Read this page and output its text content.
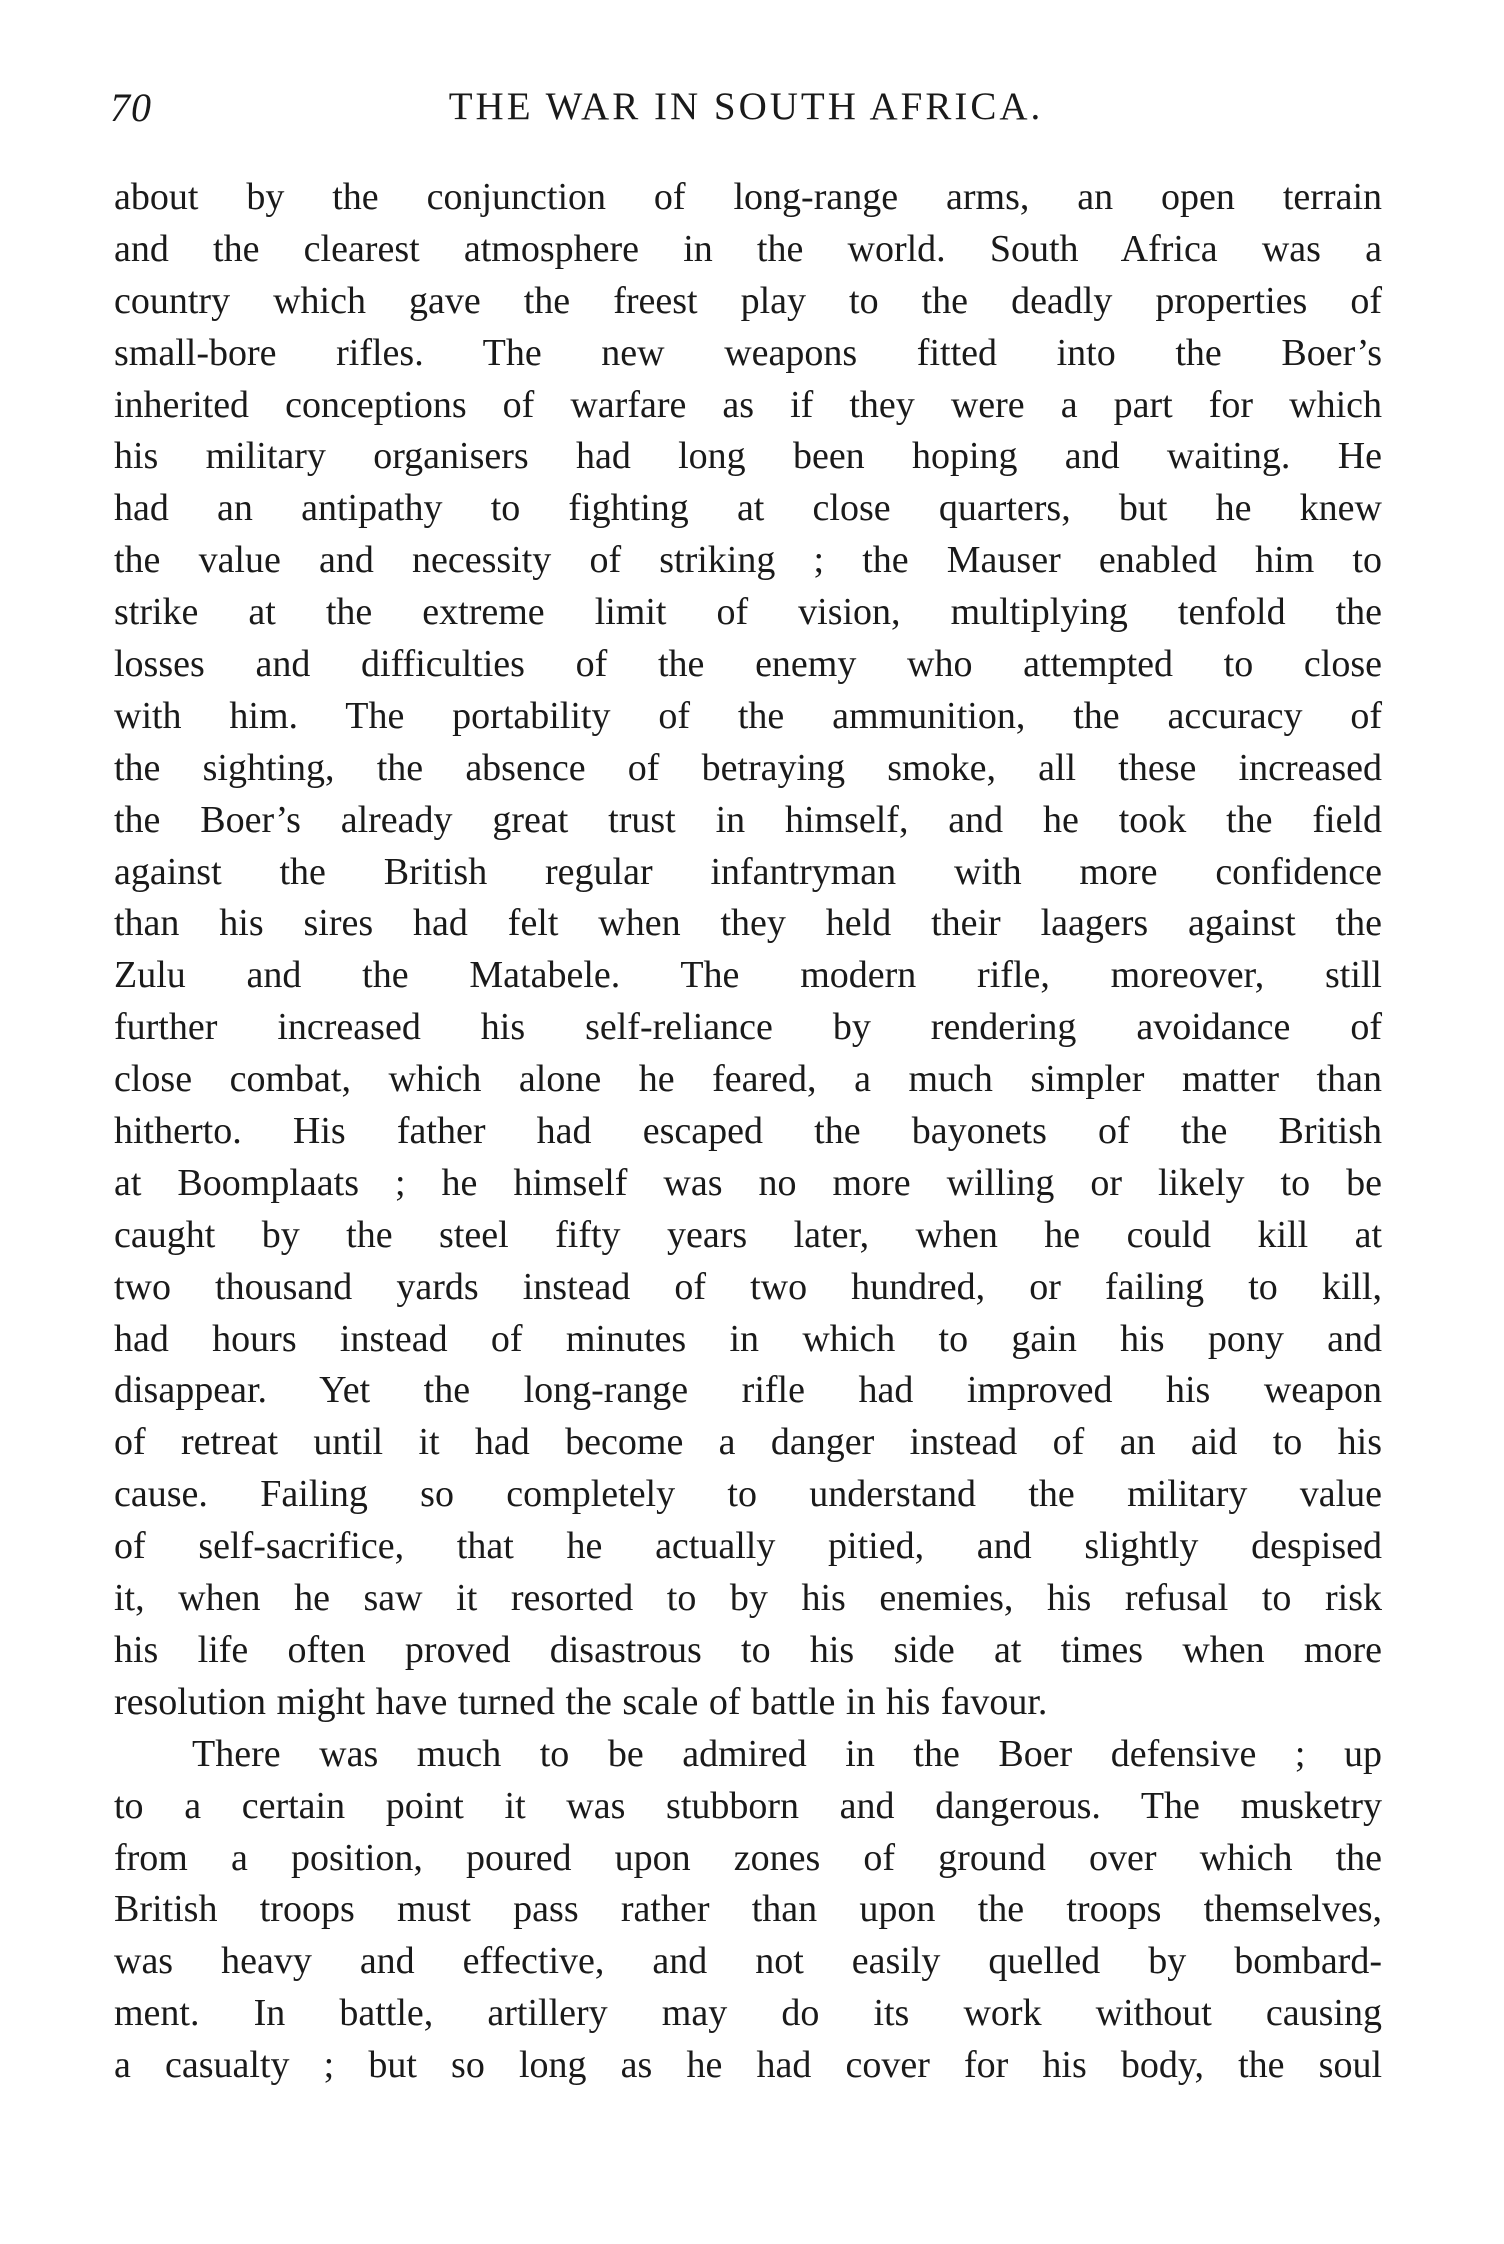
70	THE WAR IN SOUTH AFRICA.
about by the conjunction of long-range arms, an open terrain
and the clearest atmosphere in the world. South Africa was a
country which gave the freest play to the deadly properties of
small-bore rifles. The new weapons fitted into the Boer’s
inherited conceptions of warfare as if they were a part for which
his military organisers had long been hoping and waiting. He
had an antipathy to fighting at close quarters, but he knew
the value and necessity of striking ; the Mauser enabled him to
strike at the extreme limit of vision, multiplying tenfold the
losses and difficulties of the enemy who attempted to close
with him. The portability of the ammunition, the accuracy of
the sighting, the absence of betraying smoke, all these increased
the Boer’s already great trust in himself, and he took the field
against the British regular infantryman with more confidence
than his sires had felt when they held their laagers against the
Zulu and the Matabele. The modern rifle, moreover, still
further increased his self-reliance by rendering avoidance of
close combat, which alone he feared, a much simpler matter than
hitherto. His father had escaped the bayonets of the British
at Boomplaats ; he himself was no more willing or likely to be
caught by the steel fifty years later, when he could kill at
two thousand yards instead of two hundred, or failing to kill,
had hours instead of minutes in which to gain his pony and
disappear. Yet the long-range rifle had improved his weapon
of retreat until it had become a danger instead of an aid to his
cause. Failing so completely to understand the military value
of self-sacrifice, that he actually pitied, and slightly despised
it, when he saw it resorted to by his enemies, his refusal to risk
his life often proved disastrous to his side at times when more
resolution might have turned the scale of battle in his favour.
There was much to be admired in the Boer defensive ; up
to a certain point it was stubborn and dangerous. The musketry
from a position, poured upon zones of ground over which the
British troops must pass rather than upon the troops themselves,
was heavy and effective, and not easily quelled by bombard-
ment. In battle, artillery may do its work without causing
a casualty ; but so long as he had cover for his body, the soul
